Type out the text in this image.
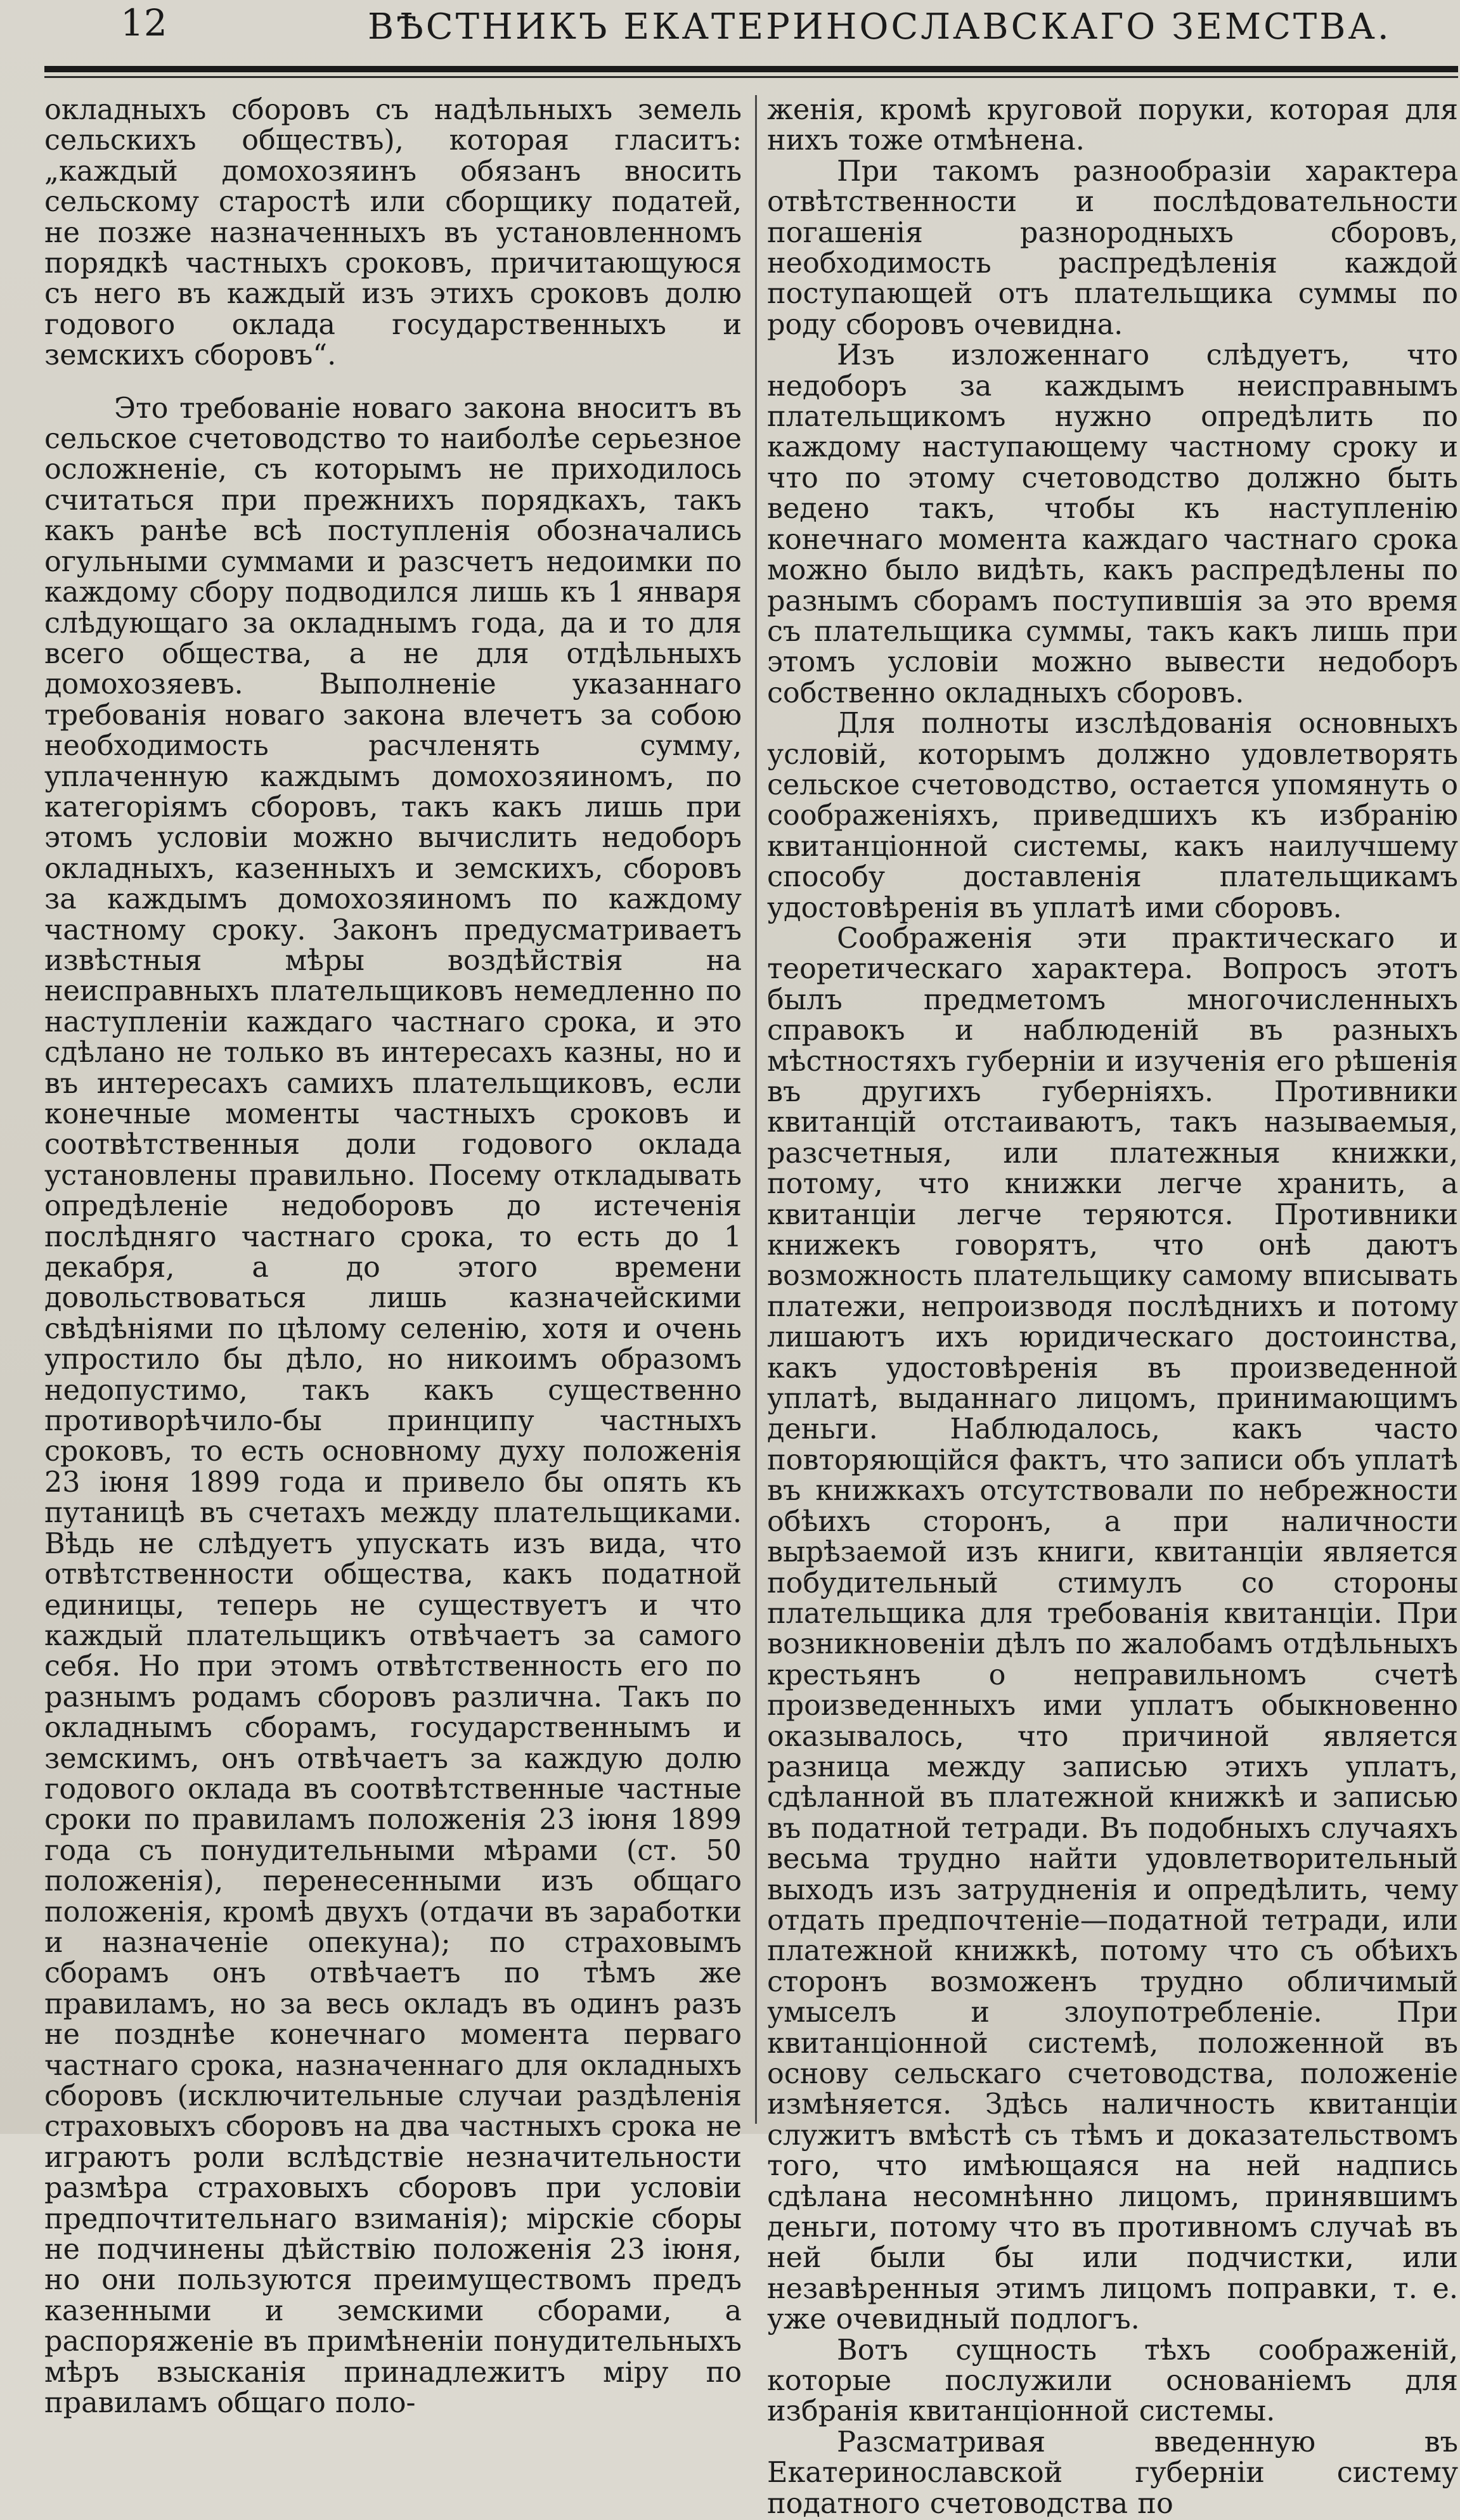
12	ВѢСТНИКЪ ЕКАТЕРИНОСЛАВСКАГО ЗЕМСТВА.

окладныхъ сборовъ съ надѣльныхъ земель сельскихъ обществъ), которая гласитъ: „каждый домохозяинъ обязанъ вносить сельскому старостѣ или сборщику податей, не позже назначенныхъ въ установленномъ порядкѣ частныхъ сроковъ, причитающуюся съ него въ каждый изъ этихъ сроковъ долю годового оклада государственныхъ и земскихъ сборовъ“.

Это требованіе новаго закона вноситъ въ сельское счетоводство то наиболѣе серьезное осложненіе, съ которымъ не приходилось считаться при прежнихъ порядкахъ, такъ какъ ранѣе всѣ поступленія обозначались огульными суммами и разсчетъ недоимки по каждому сбору подводился лишь къ 1 января слѣдующаго за окладнымъ года, да и то для всего общества, а не для отдѣльныхъ домохозяевъ. Выполненіе указаннаго требованія новаго закона влечетъ за собою необходимость расчленять сумму, уплаченную каждымъ домохозяиномъ, по категоріямъ сборовъ, такъ какъ лишь при этомъ условіи можно вычислить недоборъ окладныхъ, казенныхъ и земскихъ, сборовъ за каждымъ домохозяиномъ по каждому частному сроку. Законъ предусматриваетъ извѣстныя мѣры воздѣйствія на неисправныхъ плательщиковъ немедленно по наступленіи каждаго частнаго срока, и это сдѣлано не только въ интересахъ казны, но и въ интересахъ самихъ плательщиковъ, если конечные моменты частныхъ сроковъ и соотвѣтственныя доли годового оклада установлены правильно. Посему откладывать опредѣленіе недоборовъ до истеченія послѣдняго частнаго срока, то есть до 1 декабря, а до этого времени довольствоваться лишь казначейскими свѣдѣніями по цѣлому селенію, хотя и очень упростило бы дѣло, но никоимъ образомъ недопустимо, такъ какъ существенно противорѣчило-бы принципу частныхъ сроковъ, то есть основному духу положенія 23 іюня 1899 года и привело бы опять къ путаницѣ въ счетахъ между плательщиками. Вѣдь не слѣдуетъ упускать изъ вида, что отвѣтственности общества, какъ податной единицы, теперь не существуетъ и что каждый плательщикъ отвѣчаетъ за самого себя. Но при этомъ отвѣтственность его по разнымъ родамъ сборовъ различна. Такъ по окладнымъ сборамъ, государственнымъ и земскимъ, онъ отвѣчаетъ за каждую долю годового оклада въ соотвѣтственные частные сроки по правиламъ положенія 23 іюня 1899 года съ понудительными мѣрами (ст. 50 положенія), перенесенными изъ общаго положенія, кромѣ двухъ (отдачи въ заработки и назначеніе опекуна); по страховымъ сборамъ онъ отвѣчаетъ по тѣмъ же правиламъ, но за весь окладъ въ одинъ разъ не позднѣе конечнаго момента перваго частнаго срока, назначеннаго для окладныхъ сборовъ (исключительные случаи раздѣленія страховыхъ сборовъ на два частныхъ срока не играютъ роли вслѣдствіе незначительности размѣра страховыхъ сборовъ при условіи предпочтительнаго взиманія); мірскіе сборы не подчинены дѣйствію положенія 23 іюня, но они пользуются преимуществомъ предъ казенными и земскими сборами, а распоряженіе въ примѣненіи понудительныхъ мѣръ взысканія принадлежитъ міру по правиламъ общаго поло-

женія, кромѣ круговой поруки, которая для нихъ тоже отмѣнена.

При такомъ разнообразіи характера отвѣтственности и послѣдовательности погашенія разнородныхъ сборовъ, необходимость распредѣленія каждой поступающей отъ плательщика суммы по роду сборовъ очевидна.

Изъ изложеннаго слѣдуетъ, что недоборъ за каждымъ неисправнымъ плательщикомъ нужно опредѣлить по каждому наступающему частному сроку и что по этому счетоводство должно быть ведено такъ, чтобы къ наступленію конечнаго момента каждаго частнаго срока можно было видѣть, какъ распредѣлены по разнымъ сборамъ поступившія за это время съ плательщика суммы, такъ какъ лишь при этомъ условіи можно вывести недоборъ собственно окладныхъ сборовъ.

Для полноты изслѣдованія основныхъ условій, которымъ должно удовлетворять сельское счетоводство, остается упомянуть о соображеніяхъ, приведшихъ къ избранію квитанціонной системы, какъ наилучшему способу доставленія плательщикамъ удостовѣренія въ уплатѣ ими сборовъ.

Соображенія эти практическаго и теоретическаго характера. Вопросъ этотъ былъ предметомъ многочисленныхъ справокъ и наблюденій въ разныхъ мѣстностяхъ губерніи и изученія его рѣшенія въ другихъ губерніяхъ. Противники квитанцій отстаиваютъ, такъ называемыя, разсчетныя, или платежныя книжки, потому, что книжки легче хранить, а квитанціи легче теряются. Противники книжекъ говорятъ, что онѣ даютъ возможность плательщику самому вписывать платежи, непроизводя послѣднихъ и потому лишаютъ ихъ юридическаго достоинства, какъ удостовѣренія въ произведенной уплатѣ, выданнаго лицомъ, принимающимъ деньги. Наблюдалось, какъ часто повторяющійся фактъ, что записи объ уплатѣ въ книжкахъ отсутствовали по небрежности обѣихъ сторонъ, а при наличности вырѣзаемой изъ книги, квитанціи является побудительный стимулъ со стороны плательщика для требованія квитанціи. При возникновеніи дѣлъ по жалобамъ отдѣльныхъ крестьянъ о неправильномъ счетѣ произведенныхъ ими уплатъ обыкновенно оказывалось, что причиной является разница между записью этихъ уплатъ, сдѣланной въ платежной книжкѣ и записью въ податной тетради. Въ подобныхъ случаяхъ весьма трудно найти удовлетворительный выходъ изъ затрудненія и опредѣлить, чему отдать предпочтеніе—податной тетради, или платежной книжкѣ, потому что съ обѣихъ сторонъ возможенъ трудно обличимый умыселъ и злоупотребленіе. При квитанціонной системѣ, положенной въ основу сельскаго счетоводства, положеніе измѣняется. Здѣсь наличность квитанціи служитъ вмѣстѣ съ тѣмъ и доказательствомъ того, что имѣющаяся на ней надпись сдѣлана несомнѣнно лицомъ, принявшимъ деньги, потому что въ противномъ случаѣ въ ней были бы или подчистки, или незавѣренныя этимъ лицомъ поправки, т. е. уже очевидный подлогъ.

Вотъ сущность тѣхъ соображеній, которые послужили основаніемъ для избранія квитанціонной системы.

Разсматривая введенную въ Екатеринославской губерніи систему податного счетоводства по
